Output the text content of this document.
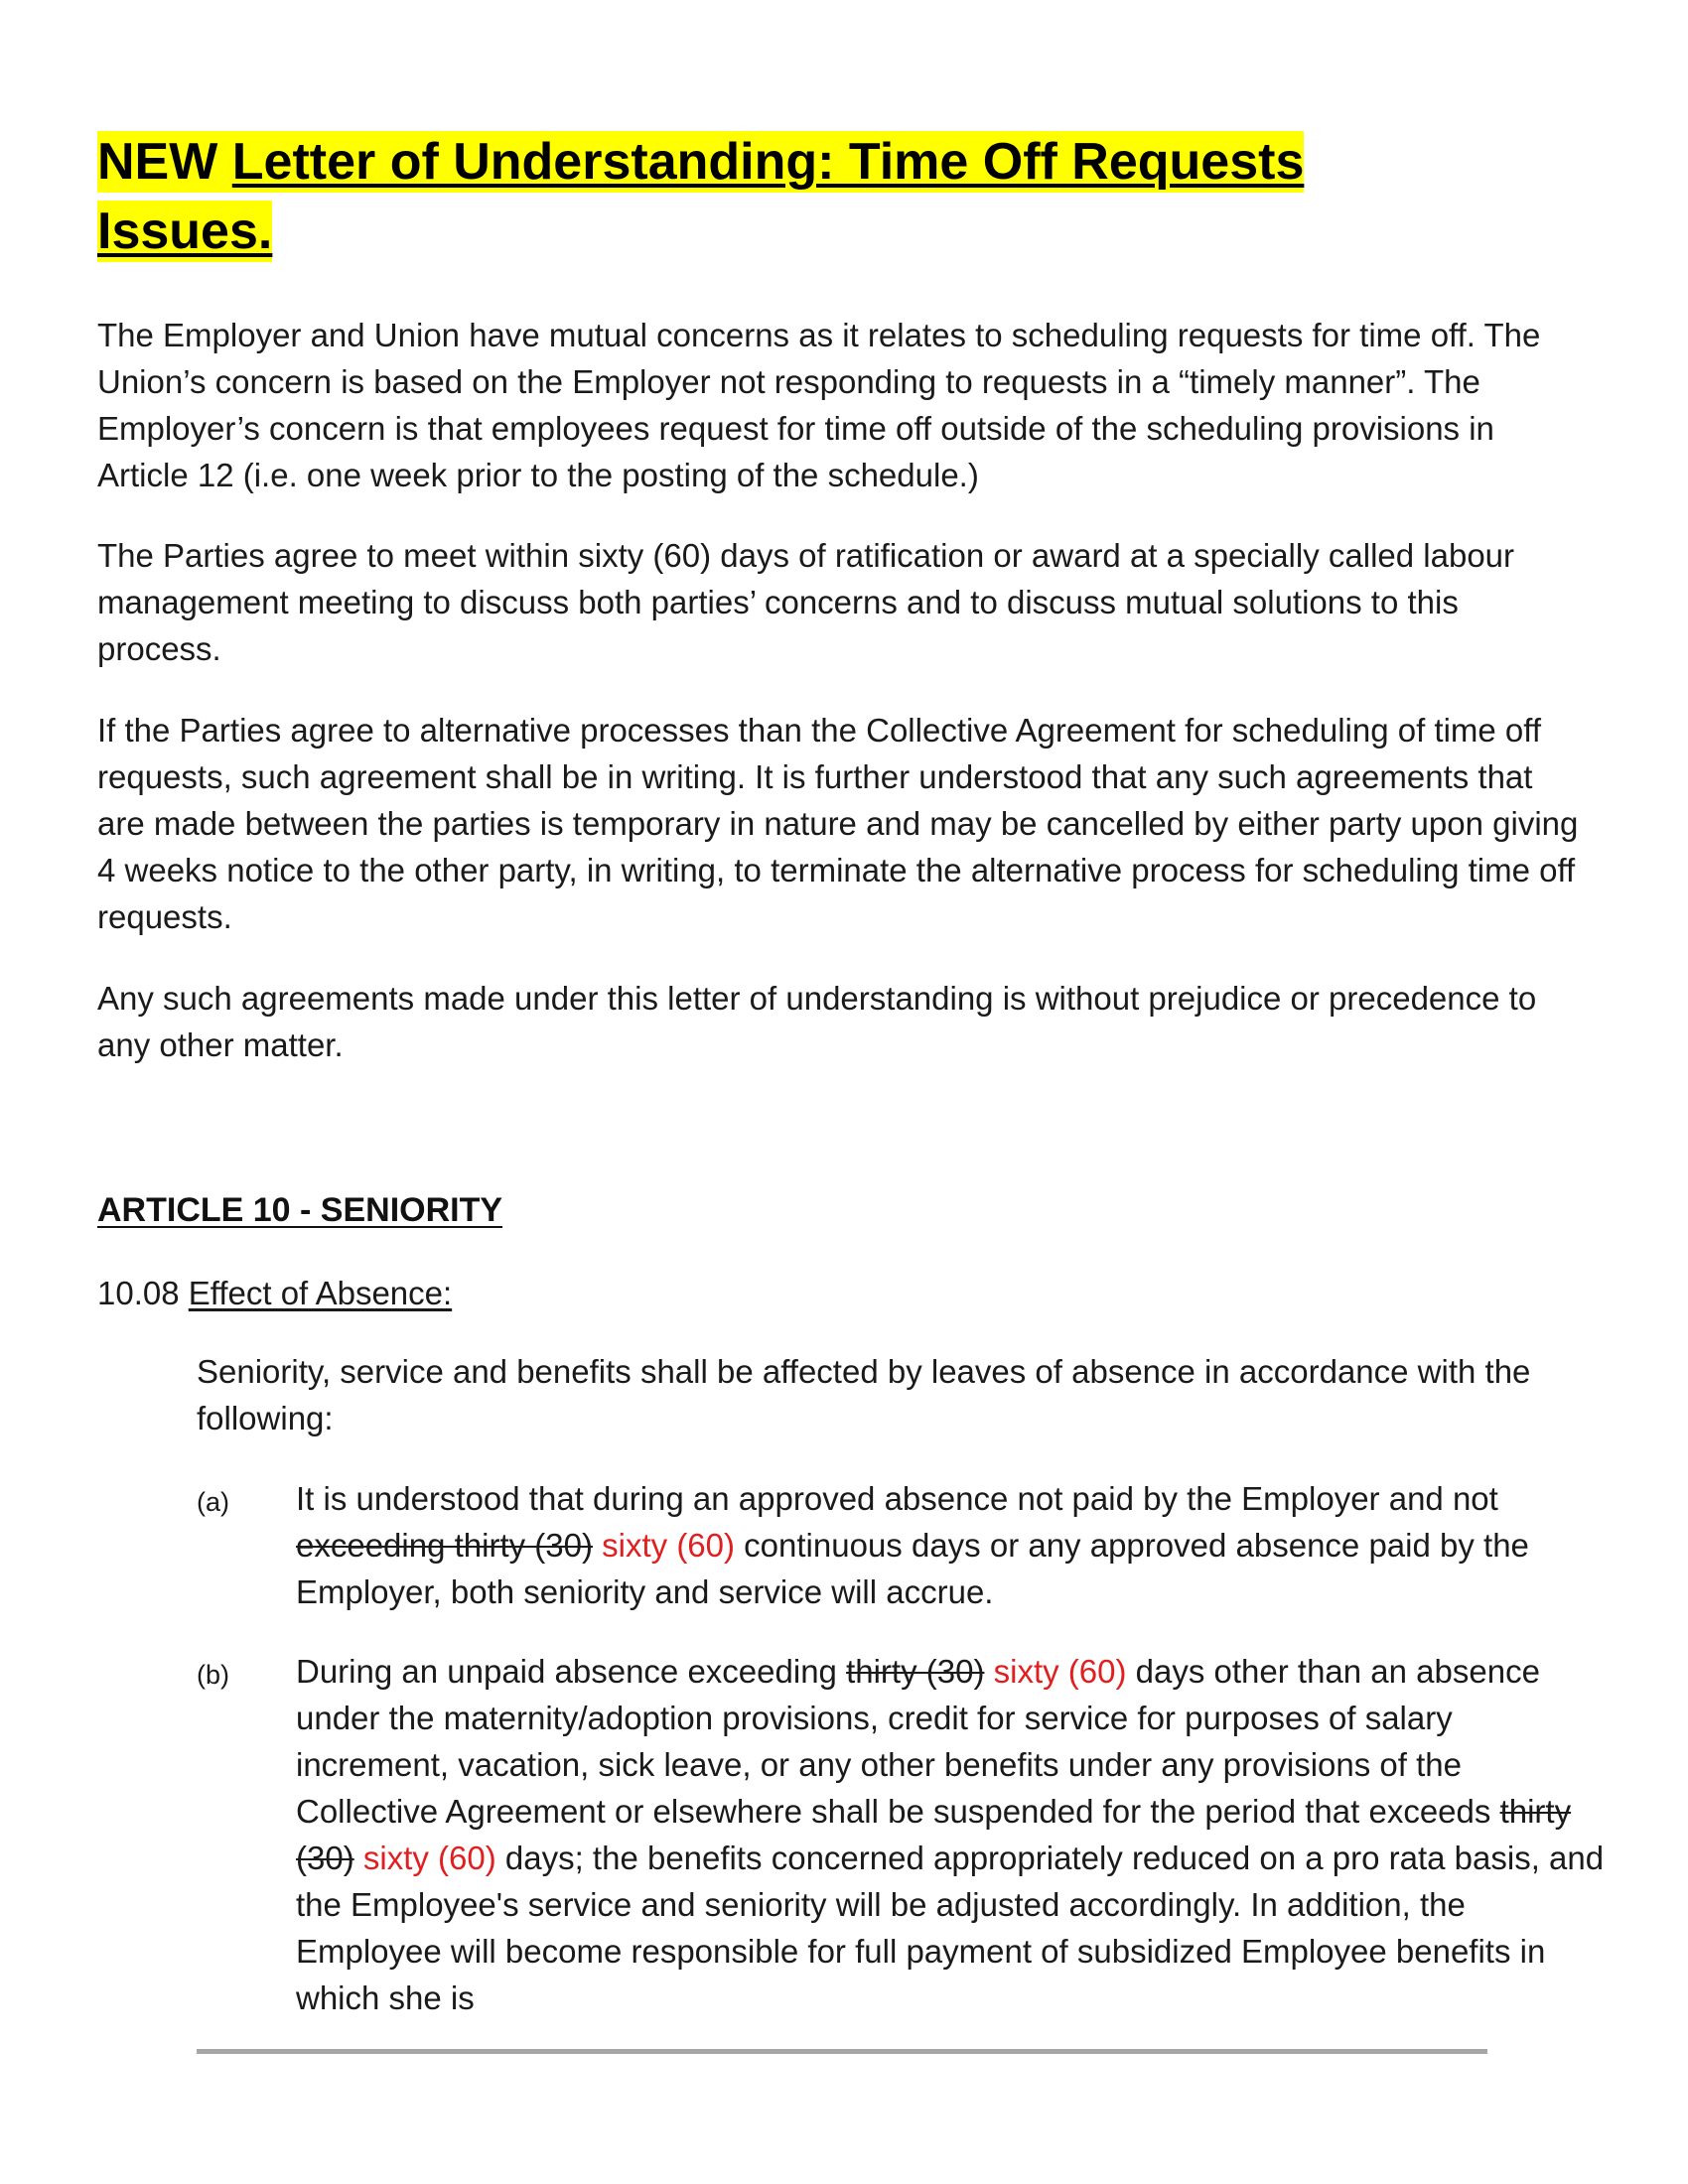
NEW Letter of Understanding: Time Off Requests
Issues.

The Employer and Union have mutual concerns as it relates to scheduling requests for time off. The Union’s concern is based on the Employer not responding to requests in a “timely manner”. The Employer’s concern is that employees request for time off outside of the scheduling provisions in Article 12 (i.e. one week prior to the posting of the schedule.)

The Parties agree to meet within sixty (60) days of ratification or award at a specially called labour management meeting to discuss both parties’ concerns and to discuss mutual solutions to this process.

If the Parties agree to alternative processes than the Collective Agreement for scheduling of time off requests, such agreement shall be in writing. It is further understood that any such agreements that are made between the parties is temporary in nature and may be cancelled by either party upon giving 4 weeks notice to the other party, in writing, to terminate the alternative process for scheduling time off requests.

Any such agreements made under this letter of understanding is without prejudice or precedence to any other matter.

ARTICLE 10 - SENIORITY

10.08 Effect of Absence:

Seniority, service and benefits shall be affected by leaves of absence in accordance with the following:

(a) It is understood that during an approved absence not paid by the Employer and not exceeding thirty (30) sixty (60) continuous days or any approved absence paid by the Employer, both seniority and service will accrue.
(b) During an unpaid absence exceeding thirty (30) sixty (60) days other than an absence under the maternity/adoption provisions, credit for service for purposes of salary increment, vacation, sick leave, or any other benefits under any provisions of the Collective Agreement or elsewhere shall be suspended for the period that exceeds thirty (30) sixty (60) days; the benefits concerned appropriately reduced on a pro rata basis, and the Employee's service and seniority will be adjusted accordingly. In addition, the Employee will become responsible for full payment of subsidized Employee benefits in which she is
